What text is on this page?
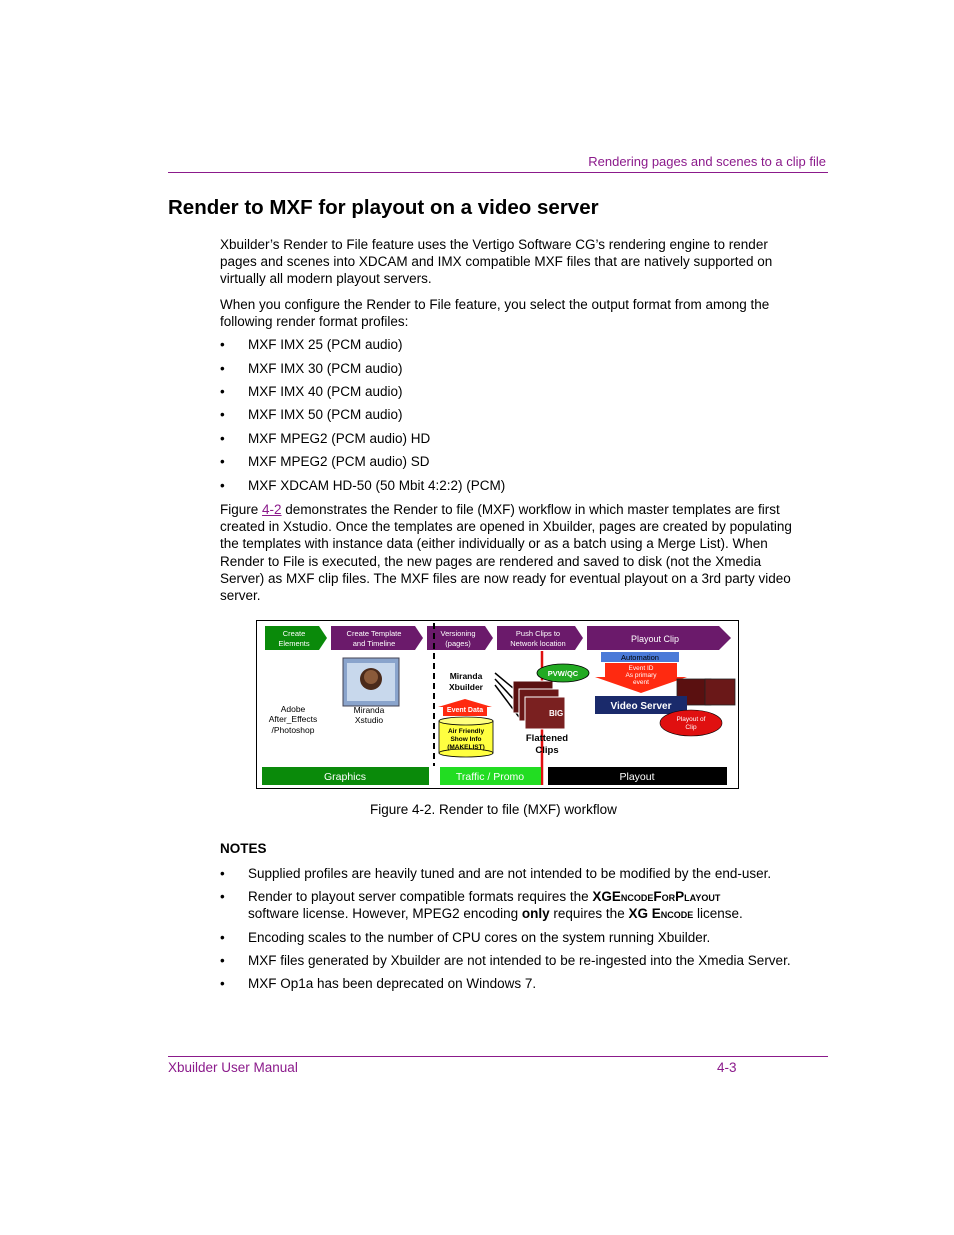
Rendering pages and scenes to a clip file
Render to MXF for playout on a video server

Xbuilder’s Render to File feature uses the Vertigo Software CG’s rendering engine to render pages and scenes into XDCAM and IMX compatible MXF files that are natively supported on virtually all modern playout servers.

When you configure the Render to File feature, you select the output format from among the following render format profiles:

• MXF IMX 25 (PCM audio)
• MXF IMX 30 (PCM audio)
• MXF IMX 40 (PCM audio)
• MXF IMX 50 (PCM audio)
• MXF MPEG2 (PCM audio) HD
• MXF MPEG2 (PCM audio) SD
• MXF XDCAM HD-50 (50 Mbit 4:2:2) (PCM)

Figure 4-2 demonstrates the Render to file (MXF) workflow in which master templates are first created in Xstudio. Once the templates are opened in Xbuilder, pages are created by populating the templates with instance data (either individually or as a batch using a Merge List). When Render to File is executed, the new pages are rendered and saved to disk (not the Xmedia Server) as MXF clip files. The MXF files are now ready for eventual playout on a 3rd party video server.

Create
Elements
Create Template
and Timeline
Versioning
(pages)
Push Clips to
Network location	Playout Clip
Adobe
After_Effects
/Photoshop
Miranda
Xstudio
Miranda
Xbuilder
Event Data
Air Friendly
Show Info
(MAKELIST)
BIG
Flattened
Clips
PVW/QC
Automation
Event ID
As primary
event
Video Server
Playout of
Clip
Graphics	Traffic / Promo	Playout
Figure 4-2. Render to file (MXF) workflow
NOTES
• Supplied profiles are heavily tuned and are not intended to be modified by the end-user.
• Render to playout server compatible formats requires the XGEncodeForPlayout
software license. However, MPEG2 encoding only requires the XG Encode license.
• Encoding scales to the number of CPU cores on the system running Xbuilder.
• MXF files generated by Xbuilder are not intended to be re-ingested into the Xmedia Server.
• MXF Op1a has been deprecated on Windows 7.
Xbuilder User Manual	4-3
